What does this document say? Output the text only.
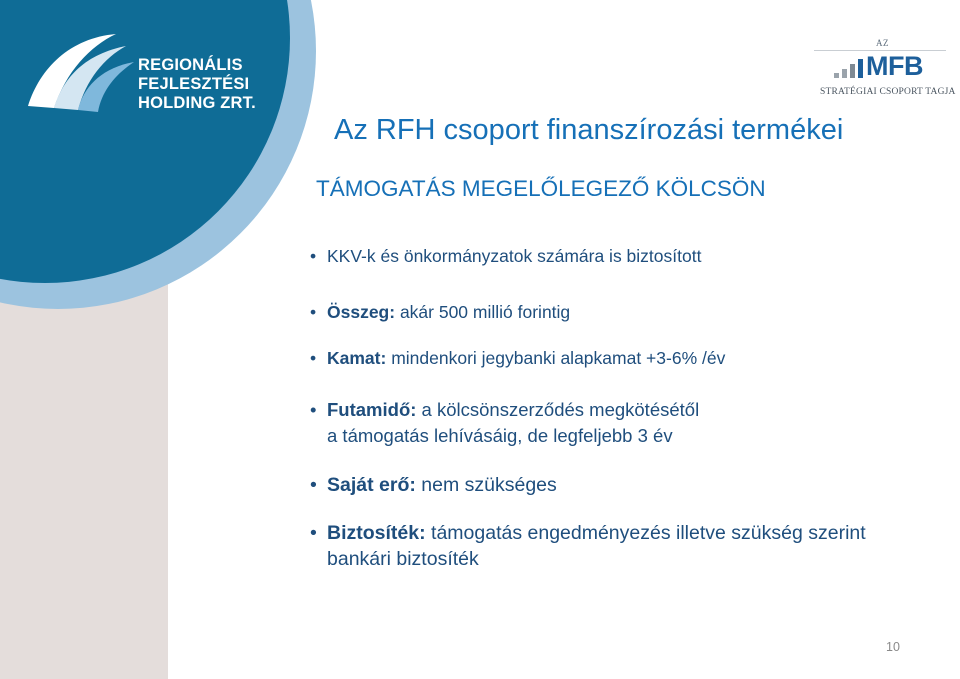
REGIONÁLIS
FEJLESZTÉSI
HOLDING ZRT.
AZ
MFB
STRATÉGIAI CSOPORT TAGJA
Az RFH csoport finanszírozási termékei
TÁMOGATÁS MEGELŐLEGEZŐ KÖLCSÖN
• KKV-k és önkormányzatok számára is biztosított
• Összeg: akár 500 millió forintig
• Kamat: mindenkori jegybanki alapkamat +3-6% /év
• Futamidő: a kölcsönszerződés megkötésétől
a támogatás lehívásáig, de legfeljebb 3 év
• Saját erő: nem szükséges
• Biztosíték: támogatás engedményezés illetve szükség szerint
bankári biztosíték
10
